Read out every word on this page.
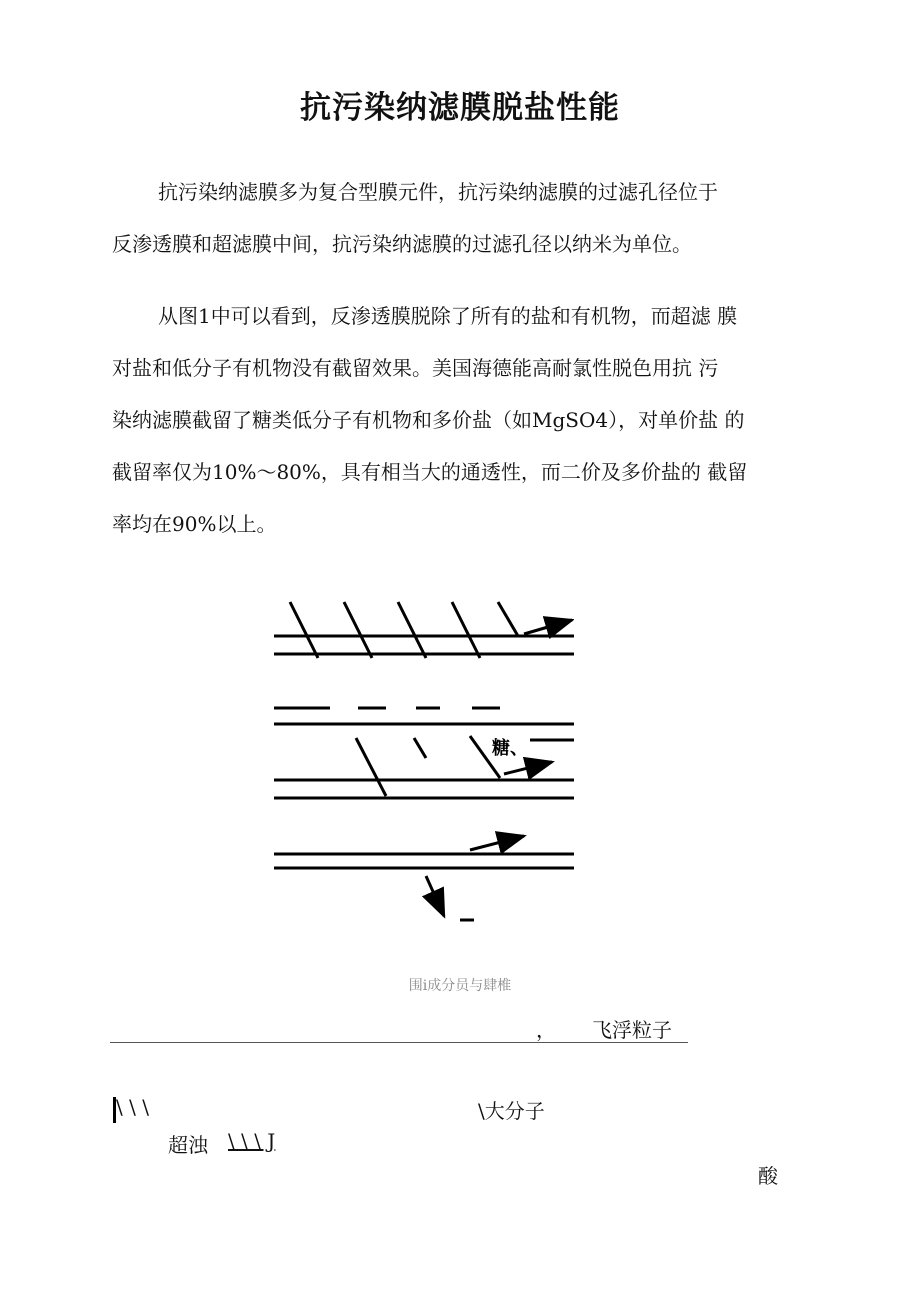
抗污染纳滤膜脱盐性能
抗污染纳滤膜多为复合型膜元件，抗污染纳滤膜的过滤孔径位于
反渗透膜和超滤膜中间，抗污染纳滤膜的过滤孔径以纳米为单位。
从图1中可以看到，反渗透膜脱除了所有的盐和有机物，而超滤 膜
对盐和低分子有机物没有截留效果。美国海德能高耐氯性脱色用抗 污
染纳滤膜截留了糖类低分子有机物和多价盐（如MgSO4），对单价盐 的
截留率仅为10%〜80%，具有相当大的通透性，而二价及多价盐的 截留
率均在90%以上。
糖、
围i成分员与肆椎
， 飞浮粒子
\ \ \	\大分子
超浊 \ \ \ J
酸
